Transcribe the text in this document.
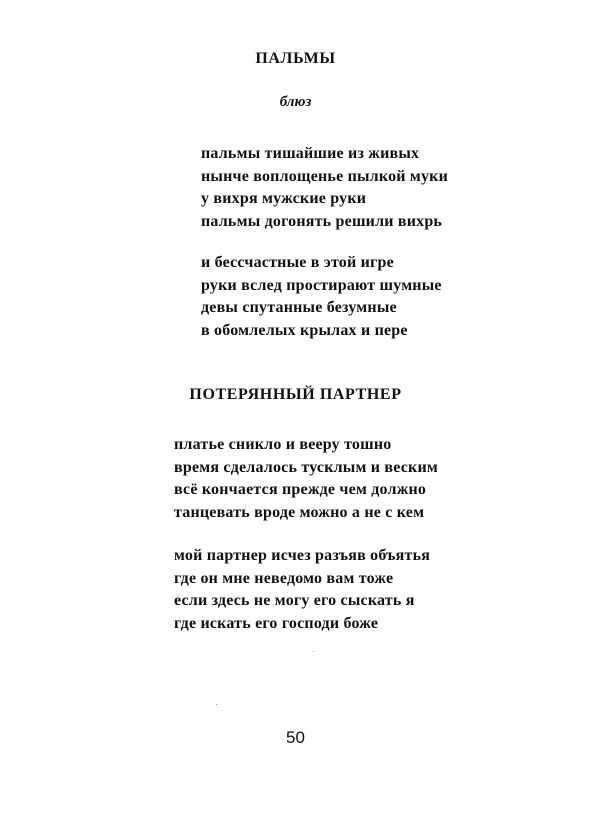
ПАЛЬМЫ
блюз
пальмы тишайшие из живых
нынче воплощенье пылкой муки
у вихря мужские руки
пальмы догонять решили вихрь
и бессчастные в этой игре
руки вслед простирают шумные
девы спутанные безумные
в обомлелых крылах и пере
ПОТЕРЯННЫЙ ПАРТНЕР
платье сникло и вееру тошно
время сделалось тусклым и веским
всё кончается прежде чем должно
танцевать вроде можно а не с кем
мой партнер исчез разъяв объятья
где он мне неведомо вам тоже
если здесь не могу его сыскать я
где искать его господи боже
50
